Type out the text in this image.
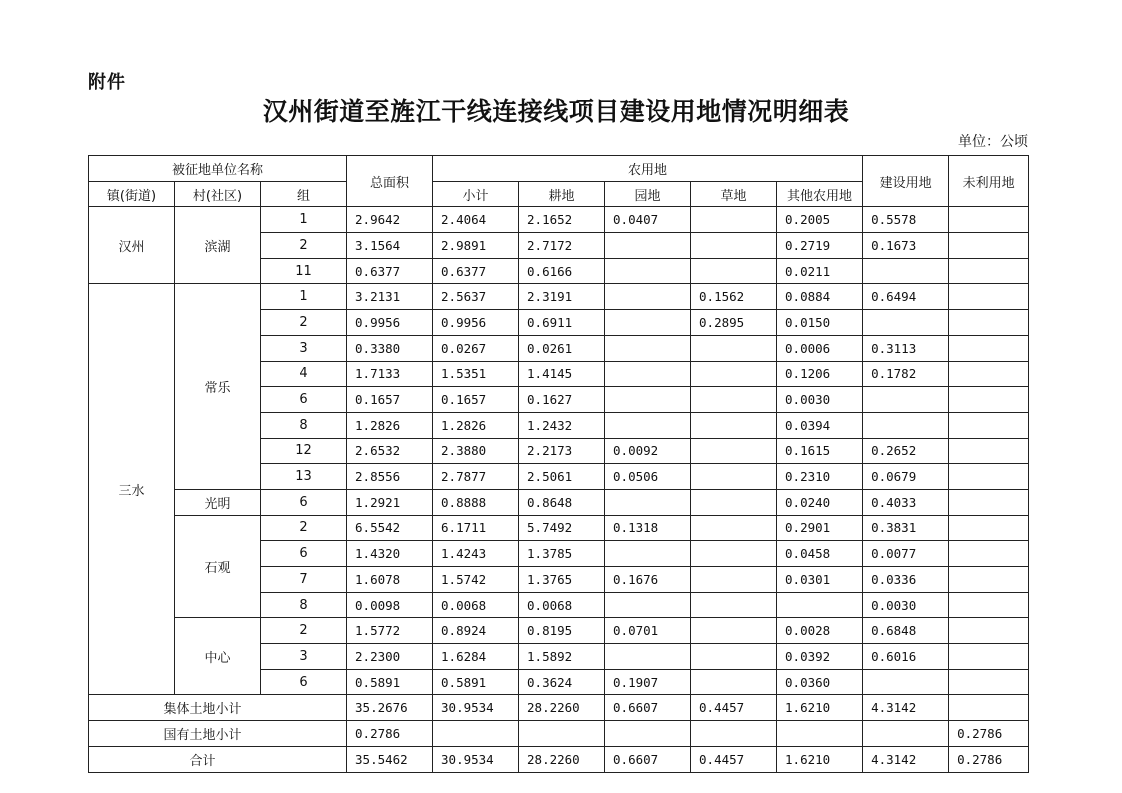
附件
汉州街道至旌江干线连接线项目建设用地情况明细表
单位：公顷
被征地单位名称			总面积	农用地					建设用地	未利用地
镇(街道)	村(社区)	组		小计	耕地	园地	草地	其他农用地		
汉州	滨湖	1	2.9642	2.4064	2.1652	0.0407		0.2005	0.5578	
		2	3.1564	2.9891	2.7172			0.2719	0.1673	
		11	0.6377	0.6377	0.6166			0.0211		
三水	常乐	1	3.2131	2.5637	2.3191		0.1562	0.0884	0.6494	
		2	0.9956	0.9956	0.6911		0.2895	0.0150		
		3	0.3380	0.0267	0.0261			0.0006	0.3113	
		4	1.7133	1.5351	1.4145			0.1206	0.1782	
		6	0.1657	0.1657	0.1627			0.0030		
		8	1.2826	1.2826	1.2432			0.0394		
		12	2.6532	2.3880	2.2173	0.0092		0.1615	0.2652	
		13	2.8556	2.7877	2.5061	0.0506		0.2310	0.0679	
	光明	6	1.2921	0.8888	0.8648			0.0240	0.4033	
	石观	2	6.5542	6.1711	5.7492	0.1318		0.2901	0.3831	
		6	1.4320	1.4243	1.3785			0.0458	0.0077	
		7	1.6078	1.5742	1.3765	0.1676		0.0301	0.0336	
		8	0.0098	0.0068	0.0068				0.0030	
	中心	2	1.5772	0.8924	0.8195	0.0701		0.0028	0.6848	
		3	2.2300	1.6284	1.5892			0.0392	0.6016	
		6	0.5891	0.5891	0.3624	0.1907		0.0360		
集体土地小计			35.2676	30.9534	28.2260	0.6607	0.4457	1.6210	4.3142	
国有土地小计			0.2786							0.2786
合计			35.5462	30.9534	28.2260	0.6607	0.4457	1.6210	4.3142	0.2786
